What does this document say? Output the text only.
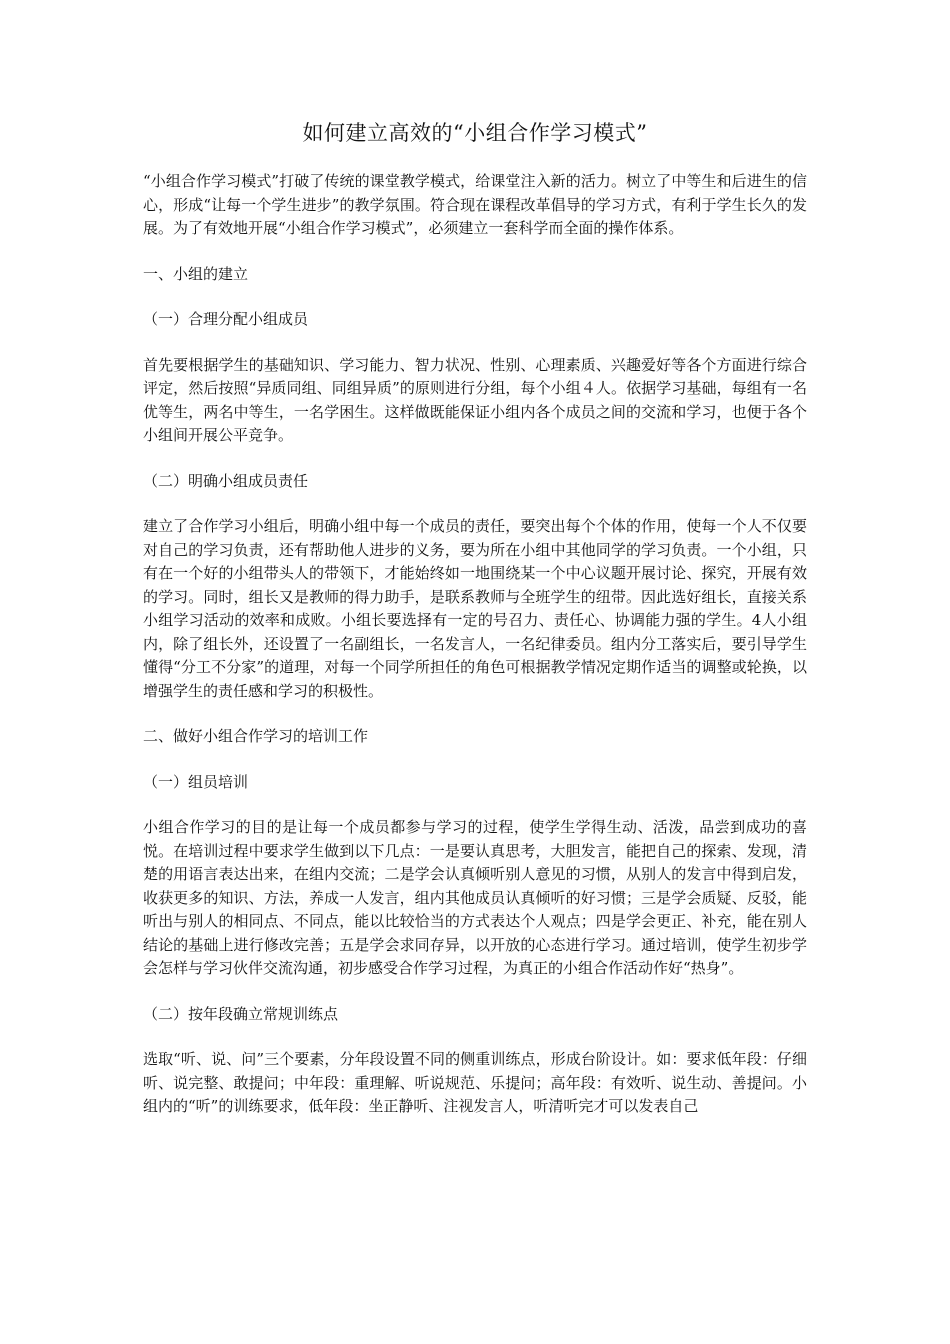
如何建立高效的“小组合作学习模式”

“小组合作学习模式”打破了传统的课堂教学模式，给课堂注入新的活力。树立了中等生和后进生的信心，形成“让每一个学生进步”的教学氛围。符合现在课程改革倡导的学习方式，有利于学生长久的发展。为了有效地开展“小组合作学习模式”，必须建立一套科学而全面的操作体系。

一、小组的建立

（一）合理分配小组成员

首先要根据学生的基础知识、学习能力、智力状况、性别、心理素质、兴趣爱好等各个方面进行综合评定，然后按照“异质同组、同组异质”的原则进行分组，每个小组４人。依据学习基础，每组有一名优等生，两名中等生，一名学困生。这样做既能保证小组内各个成员之间的交流和学习，也便于各个小组间开展公平竞争。

（二）明确小组成员责任

建立了合作学习小组后，明确小组中每一个成员的责任，要突出每个个体的作用，使每一个人不仅要对自己的学习负责，还有帮助他人进步的义务，要为所在小组中其他同学的学习负责。一个小组，只有在一个好的小组带头人的带领下，才能始终如一地围绕某一个中心议题开展讨论、探究，开展有效的学习。同时，组长又是教师的得力助手，是联系教师与全班学生的纽带。因此选好组长，直接关系小组学习活动的效率和成败。小组长要选择有一定的号召力、责任心、协调能力强的学生。4人小组内，除了组长外，还设置了一名副组长，一名发言人，一名纪律委员。组内分工落实后，要引导学生懂得“分工不分家”的道理，对每一个同学所担任的角色可根据教学情况定期作适当的调整或轮换，以增强学生的责任感和学习的积极性。

二、做好小组合作学习的培训工作

（一）组员培训

小组合作学习的目的是让每一个成员都参与学习的过程，使学生学得生动、活泼，品尝到成功的喜悦。在培训过程中要求学生做到以下几点：一是要认真思考，大胆发言，能把自己的探索、发现，清楚的用语言表达出来，在组内交流；二是学会认真倾听别人意见的习惯，从别人的发言中得到启发，收获更多的知识、方法，养成一人发言，组内其他成员认真倾听的好习惯；三是学会质疑、反驳，能听出与别人的相同点、不同点，能以比较恰当的方式表达个人观点；四是学会更正、补充，能在别人结论的基础上进行修改完善；五是学会求同存异，以开放的心态进行学习。通过培训，使学生初步学会怎样与学习伙伴交流沟通，初步感受合作学习过程，为真正的小组合作活动作好“热身”。

（二）按年段确立常规训练点

选取“听、说、问”三个要素，分年段设置不同的侧重训练点，形成台阶设计。如：要求低年段：仔细听、说完整、敢提问；中年段：重理解、听说规范、乐提问；高年段：有效听、说生动、善提问。小组内的“听”的训练要求，低年段：坐正静听、注视发言人，听清听完才可以发表自己
